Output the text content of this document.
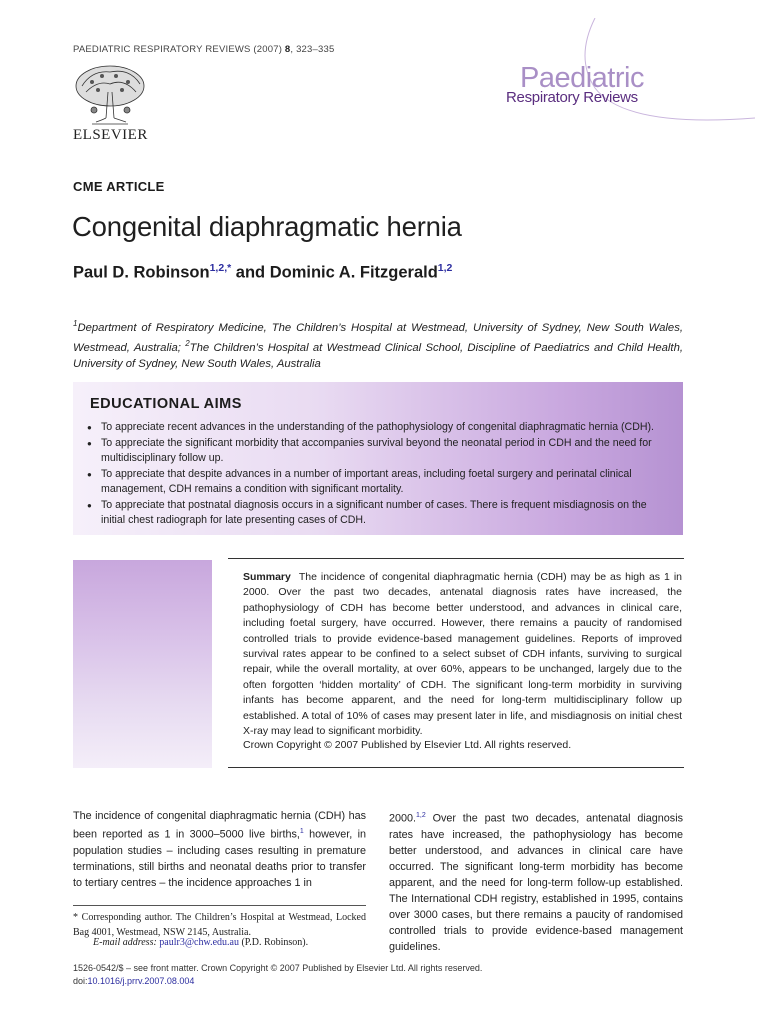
PAEDIATRIC RESPIRATORY REVIEWS (2007) 8, 323–335
ELSEVIER
Paediatric
Respiratory Reviews
CME ARTICLE
Congenital diaphragmatic hernia
Paul D. Robinson$^{1,2,*}$ and Dominic A. Fitzgerald$^{1,2}$
$^1$Department of Respiratory Medicine, The Children’s Hospital at Westmead, University of Sydney, New South Wales, Westmead, Australia; $^2$The Children’s Hospital at Westmead Clinical School, Discipline of Paediatrics and Child Health, University of Sydney, New South Wales, Australia
EDUCATIONAL AIMS
● To appreciate recent advances in the understanding of the pathophysiology of congenital diaphragmatic hernia (CDH).
● To appreciate the significant morbidity that accompanies survival beyond the neonatal period in CDH and the need for multidisciplinary follow up.
● To appreciate that despite advances in a number of important areas, including foetal surgery and perinatal clinical management, CDH remains a condition with significant mortality.
● To appreciate that postnatal diagnosis occurs in a significant number of cases. There is frequent misdiagnosis on the initial chest radiograph for late presenting cases of CDH.
Summary The incidence of congenital diaphragmatic hernia (CDH) may be as high as 1 in 2000. Over the past two decades, antenatal diagnosis rates have increased, the pathophysiology of CDH has become better understood, and advances in clinical care, including foetal surgery, have occurred. However, there remains a paucity of randomised controlled trials to provide evidence-based management guidelines. Reports of improved survival rates appear to be confined to a select subset of CDH infants, surviving to surgical repair, while the overall mortality, at over 60%, appears to be unchanged, largely due to the often forgotten ‘hidden mortality’ of CDH. The significant long-term morbidity in surviving infants has become apparent, and the need for long-term multidisciplinary follow up established. A total of 10% of cases may present later in life, and misdiagnosis on initial chest X-ray may lead to significant morbidity.
Crown Copyright © 2007 Published by Elsevier Ltd. All rights reserved.
The incidence of congenital diaphragmatic hernia (CDH) has been reported as 1 in 3000–5000 live births,$^1$ however, in population studies – including cases resulting in premature terminations, still births and neonatal deaths prior to transfer to tertiary centres – the incidence approaches 1 in
2000.$^{1,2}$ Over the past two decades, antenatal diagnosis rates have increased, the pathophysiology has become better understood, and advances in clinical care have occurred. The significant long-term morbidity has become apparent, and the need for long-term follow-up established. The International CDH registry, established in 1995, contains over 3000 cases, but there remains a paucity of randomised controlled trials to provide evidence-based management guidelines.
* Corresponding author. The Children’s Hospital at Westmead, Locked Bag 4001, Westmead, NSW 2145, Australia.
E-mail address: paulr3@chw.edu.au (P.D. Robinson).
1526-0542/$ – see front matter. Crown Copyright © 2007 Published by Elsevier Ltd. All rights reserved.
doi:10.1016/j.prrv.2007.08.004
